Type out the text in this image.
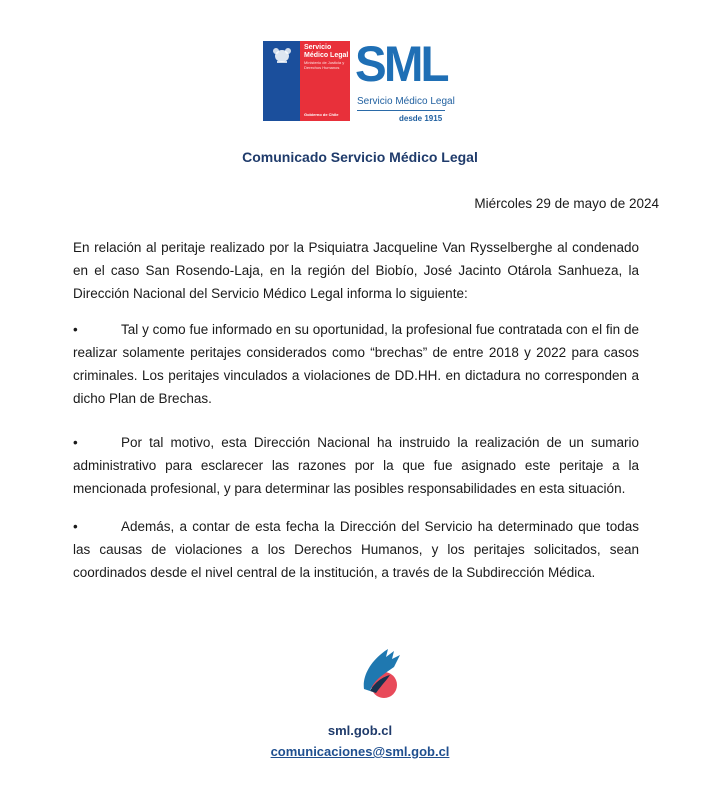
Servicio
Médico Legal
Ministerio de Justicia y Derechos Humanos
Gobierno de Chile
SML
Servicio Médico Legal
desde 1915
Comunicado Servicio Médico Legal
Miércoles 29 de mayo de 2024
En relación al peritaje realizado por la Psiquiatra Jacqueline Van Rysselberghe al condenado en el caso San Rosendo-Laja, en la región del Biobío, José Jacinto Otárola Sanhueza, la Dirección Nacional del Servicio Médico Legal informa lo siguiente:
•	Tal y como fue informado en su oportunidad, la profesional fue contratada con el fin de realizar solamente peritajes considerados como “brechas” de entre 2018 y 2022 para casos criminales. Los peritajes vinculados a violaciones de DD.HH. en dictadura no corresponden a dicho Plan de Brechas.
•	Por tal motivo, esta Dirección Nacional ha instruido la realización de un sumario administrativo para esclarecer las razones por la que fue asignado este peritaje a la mencionada profesional, y para determinar las posibles responsabilidades en esta situación.
•	Además, a contar de esta fecha la Dirección del Servicio ha determinado que todas las causas de violaciones a los Derechos Humanos, y los peritajes solicitados, sean coordinados desde el nivel central de la institución, a través de la Subdirección Médica.
sml.gob.cl
comunicaciones@sml.gob.cl
